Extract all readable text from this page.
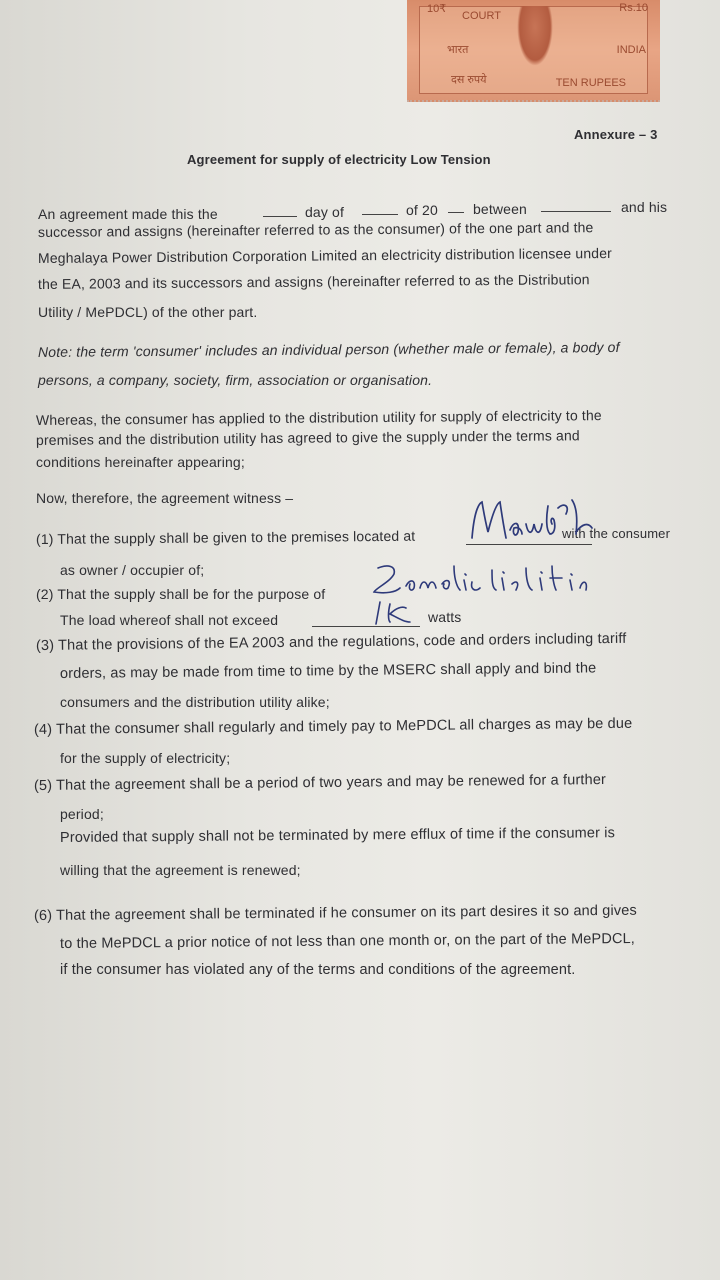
10₹
COURT
Rs.10
भारत	INDIA
दस रुपये	TEN RUPEES
Annexure – 3
Agreement for supply of electricity Low Tension
An agreement made this the	day of	of 20	between	and his
successor and assigns (hereinafter referred to as the consumer) of the one part and the
Meghalaya Power Distribution Corporation Limited an electricity distribution licensee under
the EA, 2003 and its successors and assigns (hereinafter referred to as the Distribution
Utility / MePDCL) of the other part.
Note: the term 'consumer' includes an individual person (whether male or female), a body of
persons, a company, society, firm, association or organisation.
Whereas, the consumer has applied to the distribution utility for supply of electricity to the
premises and the distribution utility has agreed to give the supply under the terms and
conditions hereinafter appearing;
Now, therefore, the agreement witness –
(1) That the supply shall be given to the premises located at	with the consumer
as owner / occupier of;
(2) That the supply shall be for the purpose of
The load whereof shall not exceed	watts
(3) That the provisions of the EA 2003 and the regulations, code and orders including tariff
orders, as may be made from time to time by the MSERC shall apply and bind the
consumers and the distribution utility alike;
(4) That the consumer shall regularly and timely pay to MePDCL all charges as may be due
for the supply of electricity;
(5) That the agreement shall be a period of two years and may be renewed for a further
period;
Provided that supply shall not be terminated by mere efflux of time if the consumer is
willing that the agreement is renewed;
(6) That the agreement shall be terminated if he consumer on its part desires it so and gives
to the MePDCL a prior notice of not less than one month or, on the part of the MePDCL,
if the consumer has violated any of the terms and conditions of the agreement.
